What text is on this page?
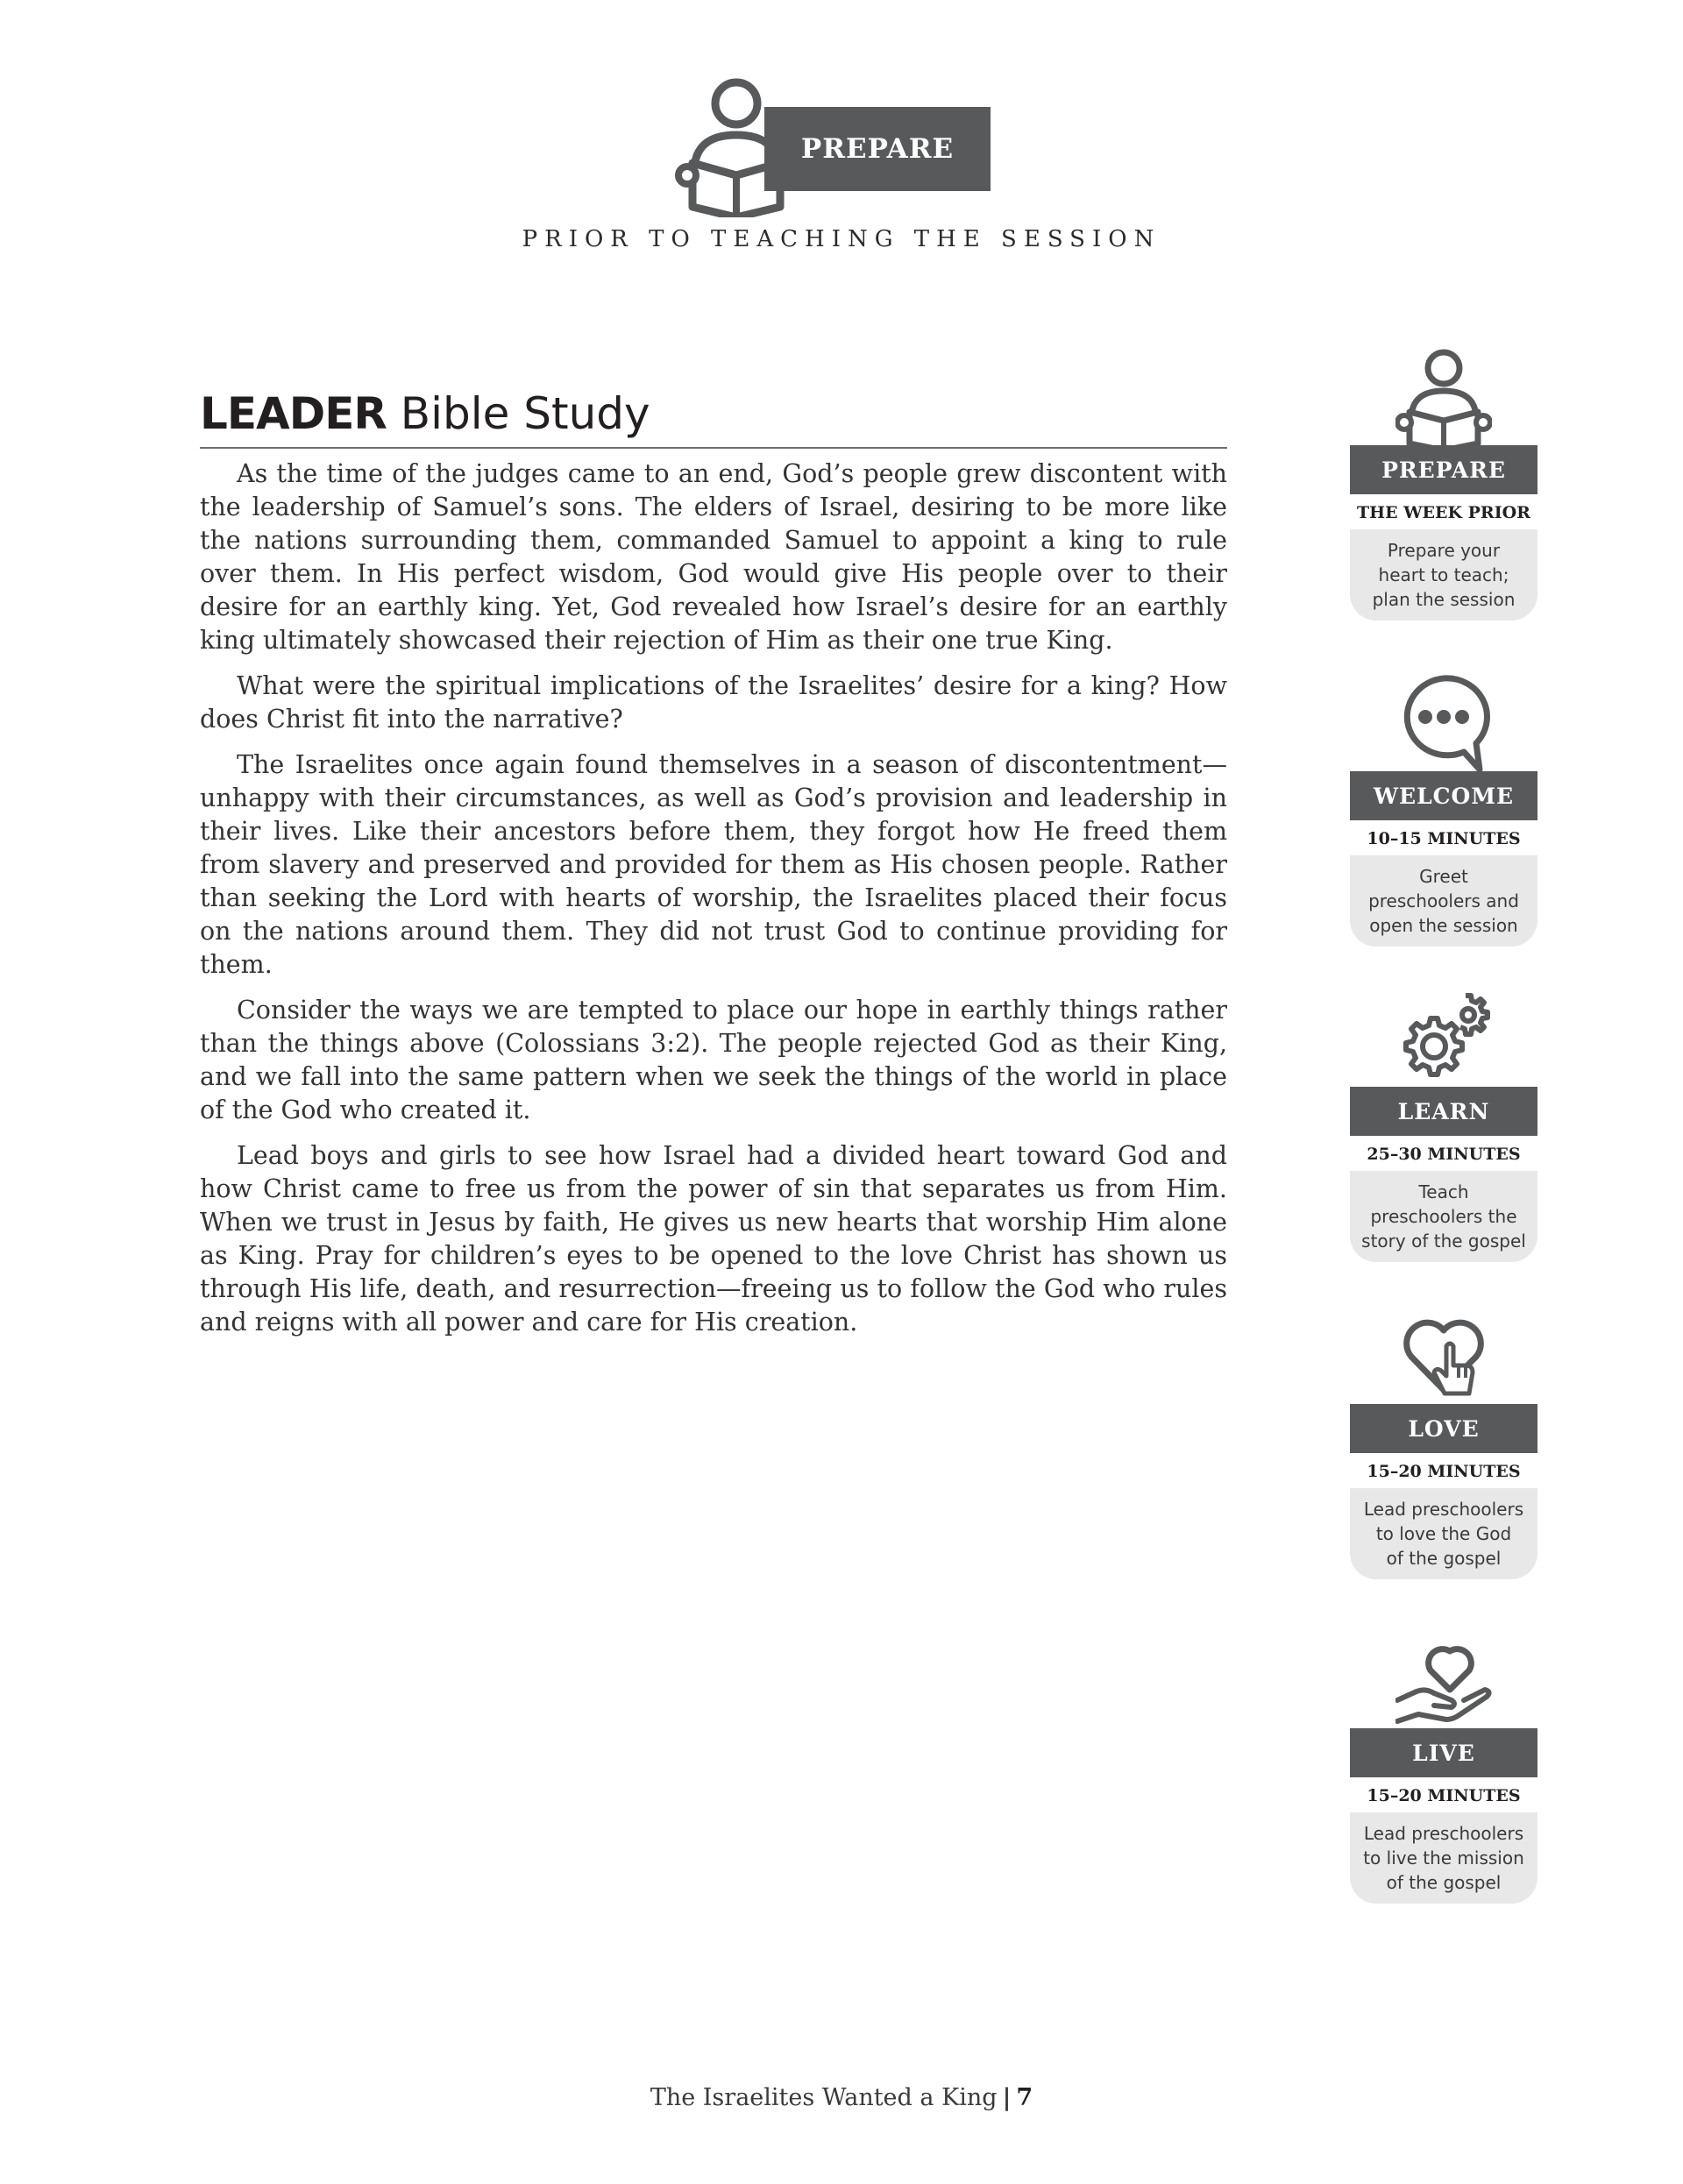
PREPARE
PRIOR TO TEACHING THE SESSION
LEADER Bible Study

As the time of the judges came to an end, God’s people grew discontent with the leadership of Samuel’s sons. The elders of Israel, desiring to be more like the nations surrounding them, commanded Samuel to appoint a king to rule over them. In His perfect wisdom, God would give His people over to their desire for an earthly king. Yet, God revealed how Israel’s desire for an earthly king ultimately showcased their rejection of Him as their one true King.

What were the spiritual implications of the Israelites’ desire for a king? How does Christ fit into the narrative?

The Israelites once again found themselves in a season of discontentment—unhappy with their circumstances, as well as God’s provision and leadership in their lives. Like their ancestors before them, they forgot how He freed them from slavery and preserved and provided for them as His chosen people. Rather than seeking the Lord with hearts of worship, the Israelites placed their focus on the nations around them. They did not trust God to continue providing for them.

Consider the ways we are tempted to place our hope in earthly things rather than the things above (Colossians 3:2). The people rejected God as their King, and we fall into the same pattern when we seek the things of the world in place of the God who created it.

Lead boys and girls to see how Israel had a divided heart toward God and how Christ came to free us from the power of sin that separates us from Him. When we trust in Jesus by faith, He gives us new hearts that worship Him alone as King. Pray for children’s eyes to be opened to the love Christ has shown us through His life, death, and resurrection—freeing us to follow the God who rules and reigns with all power and care for His creation.

PREPARE
THE WEEK PRIOR
Prepare your
heart to teach;
plan the session
WELCOME
10–15 MINUTES
Greet
preschoolers and
open the session
LEARN
25–30 MINUTES
Teach
preschoolers the
story of the gospel
LOVE
15–20 MINUTES
Lead preschoolers
to love the God
of the gospel
LIVE
15–20 MINUTES
Lead preschoolers
to live the mission
of the gospel
The Israelites Wanted a King | 7
